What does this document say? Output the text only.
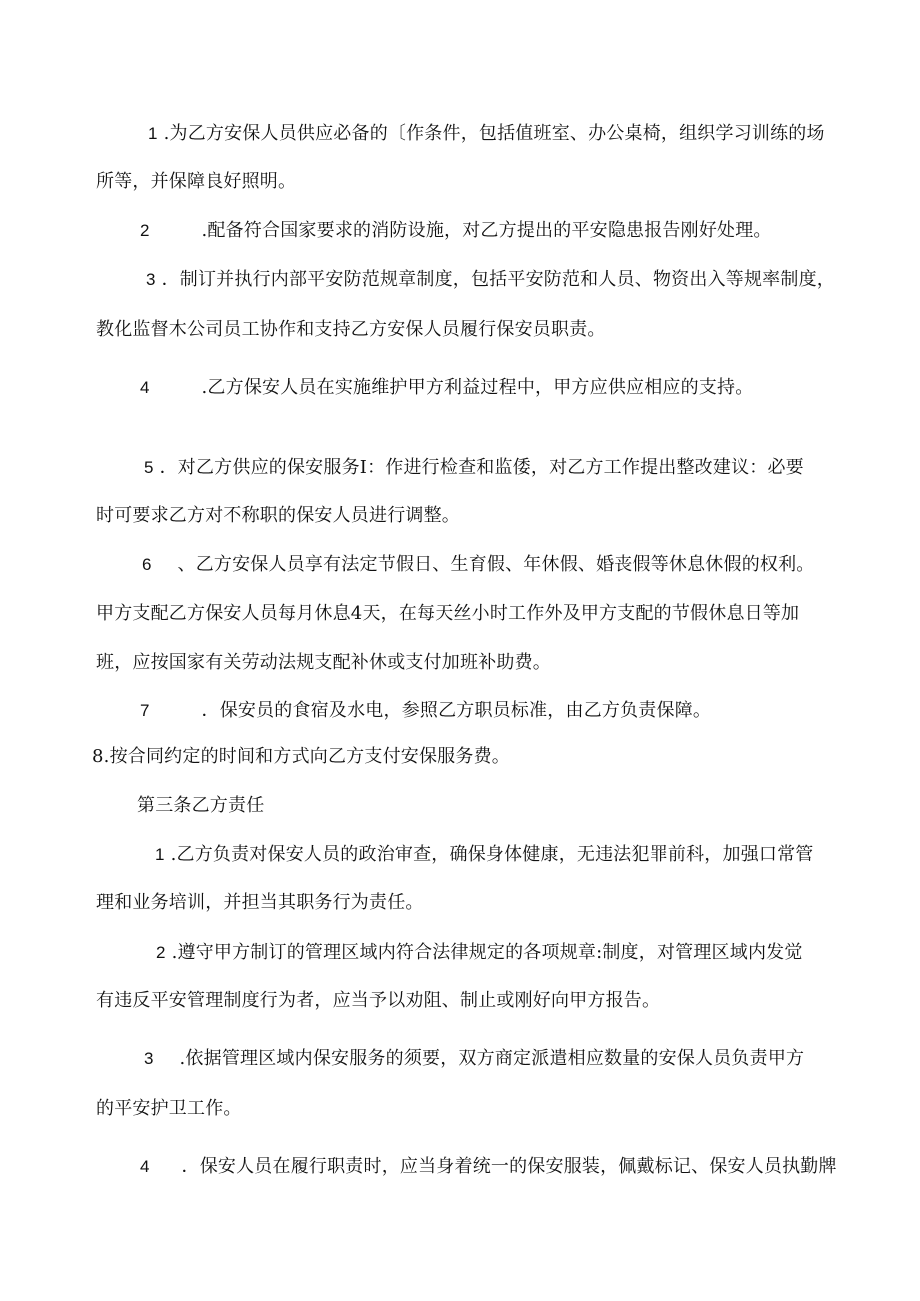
1 .为乙方安保人员供应必备的〔作条件，包括值班室、办公桌椅，组织学习训练的场
所等，并保障良好照明。
2	.配备符合国家要求的消防设施，对乙方提出的平安隐患报告刚好处理。
3 ．制订并执行内部平安防范规章制度，包括平安防范和人员、物资出入等规率制度，
教化监督木公司员工协作和支持乙方安保人员履行保安员职责。
4	.乙方保安人员在实施维护甲方利益过程中，甲方应供应相应的支持。
5 ．对乙方供应的保安服务I：作进行检查和监倭，对乙方工作提出整改建议：必要
时可要求乙方对不称职的保安人员进行调整。
6 、乙方安保人员享有法定节假日、生育假、年休假、婚丧假等休息休假的权利。
甲方支配乙方保安人员每月休息4天，在每天丝小时工作外及甲方支配的节假休息日等加
班，应按国家有关劳动法规支配补休或支付加班补助费。
7	．保安员的食宿及水电，参照乙方职员标准，由乙方负责保障。
8.按合同约定的时间和方式向乙方支付安保服务费。
第三条乙方责任
1 .乙方负责对保安人员的政治审查，确保身体健康，无违法犯罪前科，加强口常管
理和业务培训，并担当其职务行为责任。
2 .遵守甲方制订的管理区域内符合法律规定的各项规章:制度，对管理区域内发觉
有违反平安管理制度行为者，应当予以劝阻、制止或刚好向甲方报告。
3 .依据管理区域内保安服务的须要，双方商定派遣相应数量的安保人员负责甲方
的平安护卫工作。
4 ．保安人员在履行职责时，应当身着统一的保安服装，佩戴标记、保安人员执勤牌
